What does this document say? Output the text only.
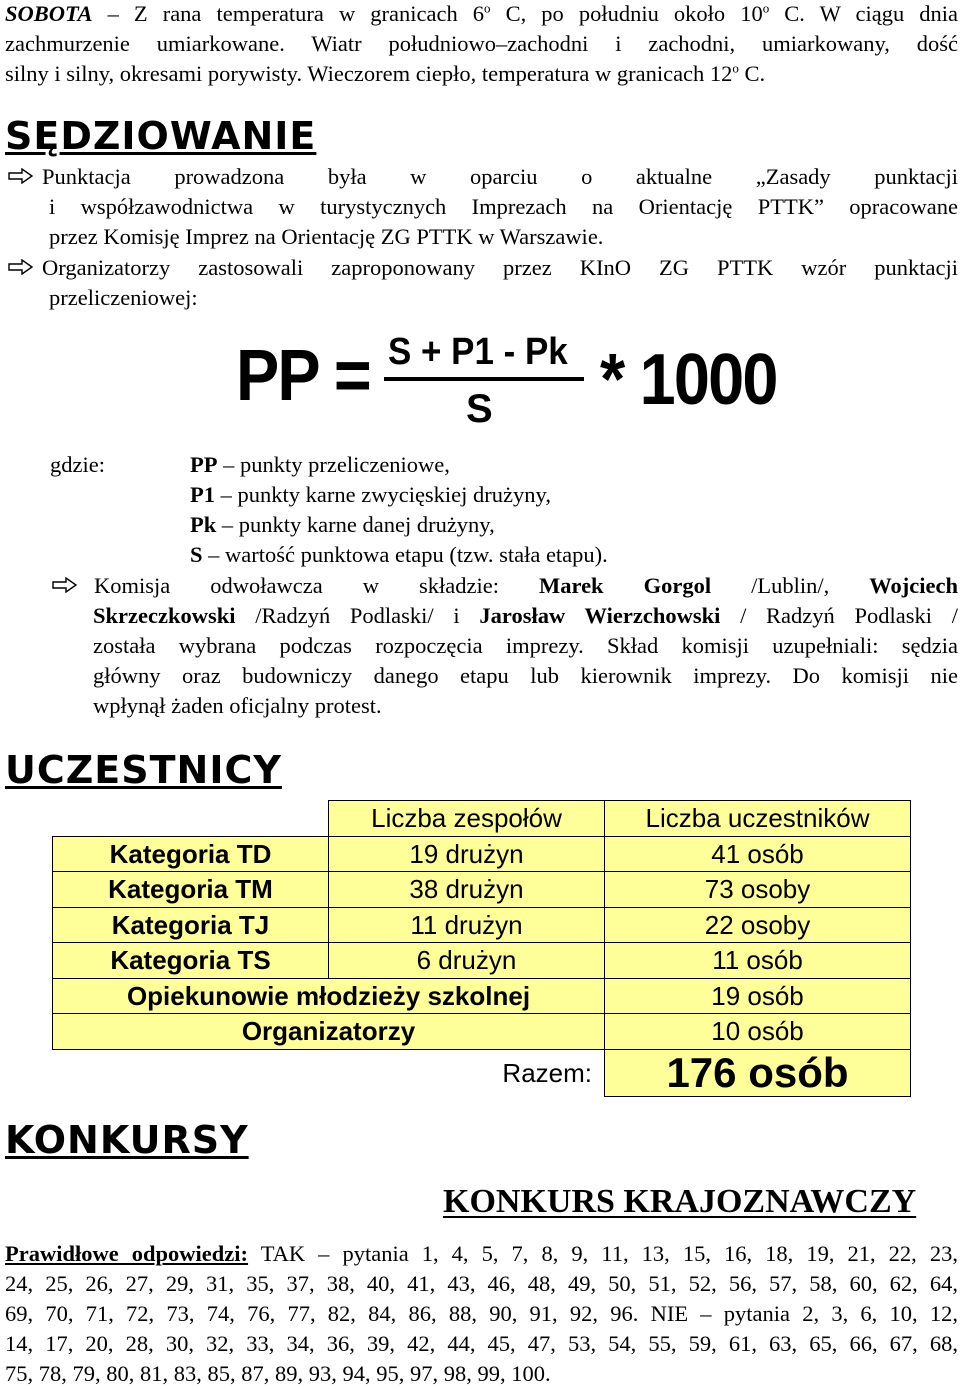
SOBOTA – Z rana temperatura w granicach 6$^o$ C, po południu około 10$^o$ C. W ciągu dnia
zachmurzenie umiarkowane. Wiatr południowo–zachodni i zachodni, umiarkowany, dość
silny i silny, okresami porywisty. Wieczorem ciepło, temperatura w granicach 12$^o$ C.
SĘDZIOWANIE
Punktacja prowadzona była w oparciu o aktualne „Zasady punktacji
i współzawodnictwa w turystycznych Imprezach na Orientację PTTK” opracowane
przez Komisję Imprez na Orientację ZG PTTK w Warszawie.
Organizatorzy zastosowali zaproponowany przez KInO ZG PTTK wzór punktacji
przeliczeniowej:
PP = S + P1 - Pk
S * 1000
gdzie:	PP – punkty przeliczeniowe,
P1 – punkty karne zwycięskiej drużyny,
Pk – punkty karne danej drużyny,
S – wartość punktowa etapu (tzw. stała etapu).
Komisja odwoławcza w składzie: Marek Gorgol /Lublin/, Wojciech
Skrzeczkowski /Radzyń Podlaski/ i Jarosław Wierzchowski / Radzyń Podlaski /
została wybrana podczas rozpoczęcia imprezy. Skład komisji uzupełniali: sędzia
główny oraz budowniczy danego etapu lub kierownik imprezy. Do komisji nie
wpłynął żaden oficjalny protest.
UCZESTNICY
	Liczba zespołów	Liczba uczestników
Kategoria TD	19 drużyn	41 osób
Kategoria TM	38 drużyn	73 osoby
Kategoria TJ	11 drużyn	22 osoby
Kategoria TS	6 drużyn	11 osób
Opiekunowie młodzieży szkolnej		19 osób
Organizatorzy		10 osób
	Razem:	176 osób
KONKURSY
KONKURS KRAJOZNAWCZY
Prawidłowe odpowiedzi: TAK – pytania 1, 4, 5, 7, 8, 9, 11, 13, 15, 16, 18, 19, 21, 22, 23,
24, 25, 26, 27, 29, 31, 35, 37, 38, 40, 41, 43, 46, 48, 49, 50, 51, 52, 56, 57, 58, 60, 62, 64,
69, 70, 71, 72, 73, 74, 76, 77, 82, 84, 86, 88, 90, 91, 92, 96. NIE – pytania 2, 3, 6, 10, 12,
14, 17, 20, 28, 30, 32, 33, 34, 36, 39, 42, 44, 45, 47, 53, 54, 55, 59, 61, 63, 65, 66, 67, 68,
75, 78, 79, 80, 81, 83, 85, 87, 89, 93, 94, 95, 97, 98, 99, 100.
